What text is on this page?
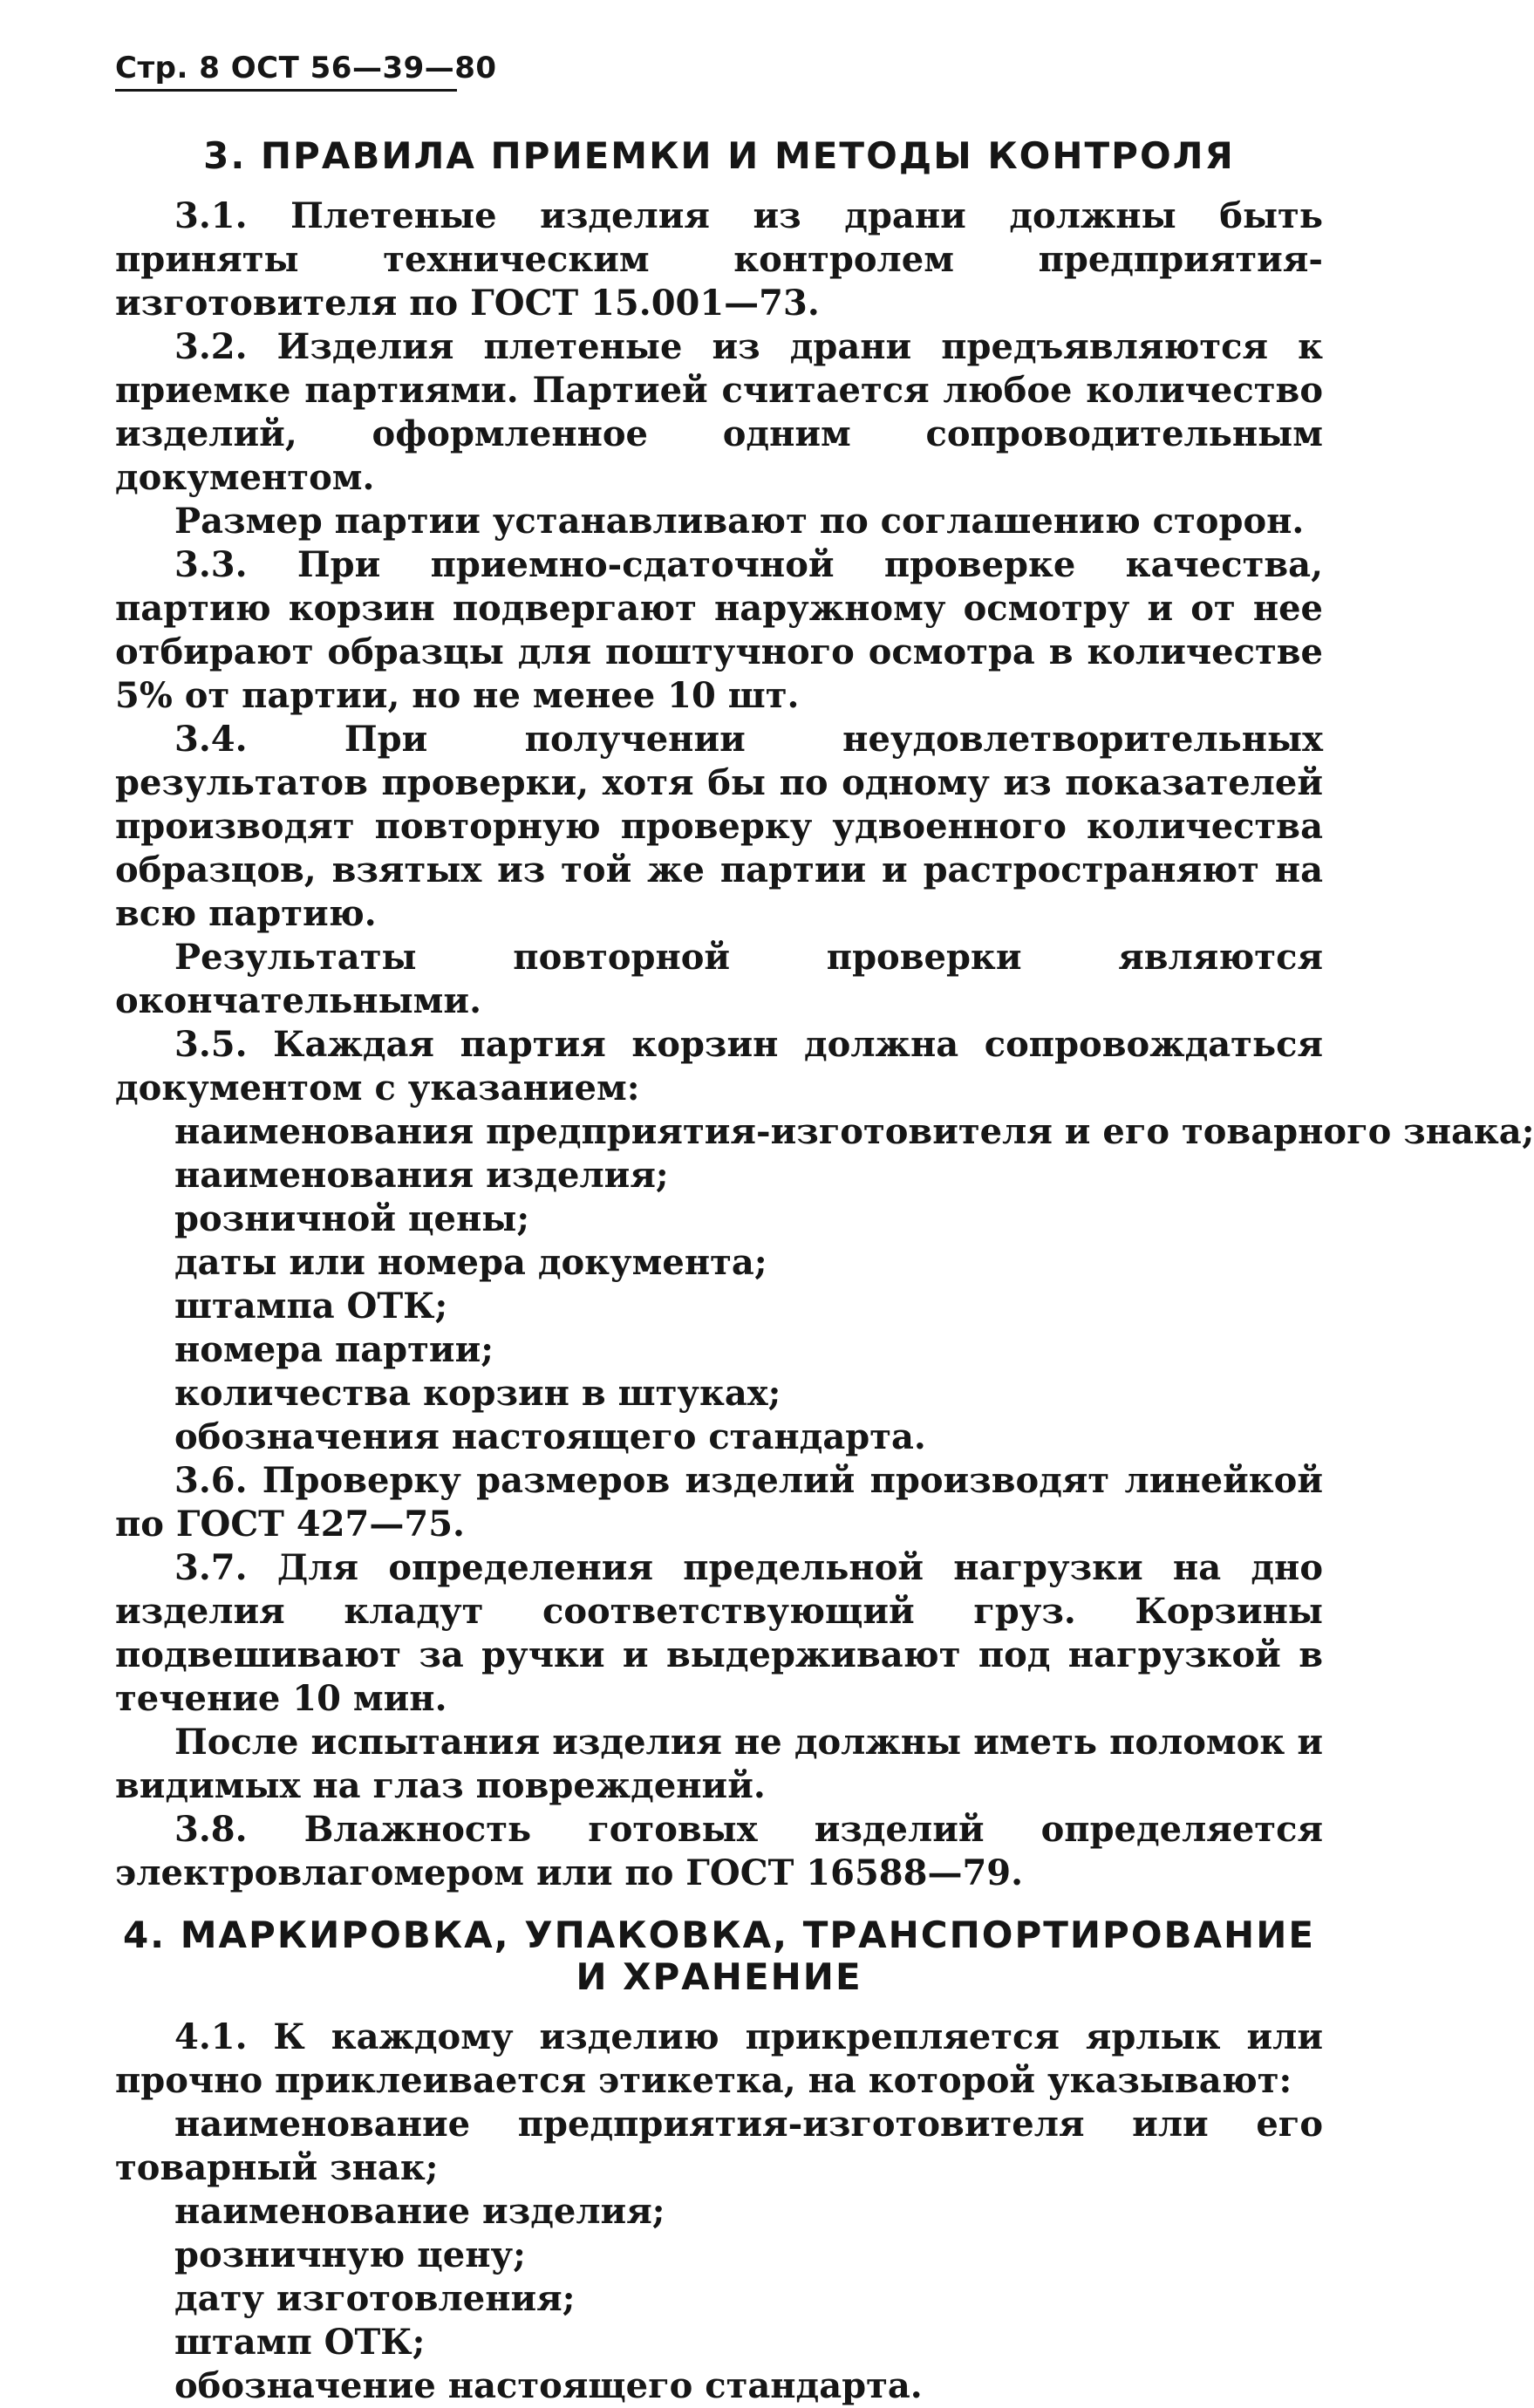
Стр. 8 ОСТ 56—39—80
3. ПРАВИЛА ПРИЕМКИ И МЕТОДЫ КОНТРОЛЯ

3.1. Плетеные изделия из драни должны быть приняты техническим контролем предприятия-изготовителя по ГОСТ 15.001—73.

3.2. Изделия плетеные из драни предъявляются к приемке партиями. Партией считается любое количество изделий, оформленное одним сопроводительным документом.

Размер партии устанавливают по соглашению сторон.

3.3. При приемно-сдаточной проверке качества, партию корзин подвергают наружному осмотру и от нее отбирают образцы для поштучного осмотра в количестве 5% от партии, но не менее 10 шт.

3.4. При получении неудовлетворительных результатов проверки, хотя бы по одному из показателей производят повторную проверку удвоенного количества образцов, взятых из той же партии и растространяют на всю партию.

Результаты повторной проверки являются окончательными.

3.5. Каждая партия корзин должна сопровождаться документом с указанием:

наименования предприятия-изготовителя и его товарного знака;
наименования изделия;
розничной цены;
даты или номера документа;
штампа ОТК;
номера партии;
количества корзин в штуках;
обозначения настоящего стандарта.

3.6. Проверку размеров изделий производят линейкой по ГОСТ 427—75.

3.7. Для определения предельной нагрузки на дно изделия кладут соответствующий груз. Корзины подвешивают за ручки и выдерживают под нагрузкой в течение 10 мин.

После испытания изделия не должны иметь поломок и видимых на глаз повреждений.

3.8. Влажность готовых изделий определяется электровлагомером или по ГОСТ 16588—79.

4. МАРКИРОВКА, УПАКОВКА, ТРАНСПОРТИРОВАНИЕ И ХРАНЕНИЕ

4.1. К каждому изделию прикрепляется ярлык или прочно приклеивается этикетка, на которой указывают:

наименование предприятия-изготовителя или его товарный знак;
наименование изделия;
розничную цену;
дату изготовления;
штамп ОТК;
обозначение настоящего стандарта.
